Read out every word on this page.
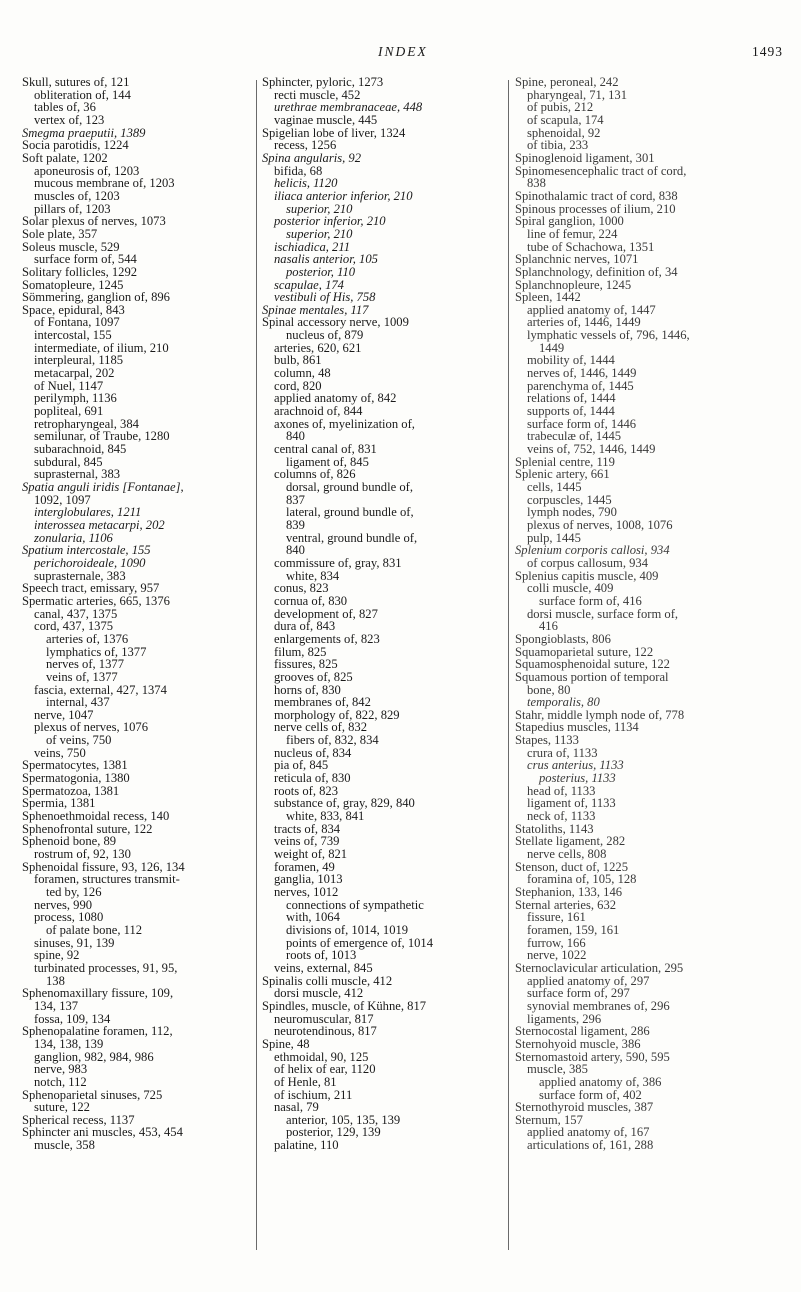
INDEX	1493
Skull, sutures of, 121
obliteration of, 144
tables of, 36
vertex of, 123
Smegma praeputii, 1389
Socia parotidis, 1224
Soft palate, 1202
aponeurosis of, 1203
mucous membrane of, 1203
muscles of, 1203
pillars of, 1203
Solar plexus of nerves, 1073
Sole plate, 357
Soleus muscle, 529
surface form of, 544
Solitary follicles, 1292
Somatopleure, 1245
Sömmering, ganglion of, 896
Space, epidural, 843
of Fontana, 1097
intercostal, 155
intermediate, of ilium, 210
interpleural, 1185
metacarpal, 202
of Nuel, 1147
perilymph, 1136
popliteal, 691
retropharyngeal, 384
semilunar, of Traube, 1280
subarachnoid, 845
subdural, 845
suprasternal, 383
Spatia anguli iridis [Fontanae],
1092, 1097
interglobulares, 1211
interossea metacarpi, 202
zonularia, 1106
Spatium intercostale, 155
perichoroideale, 1090
suprasternale, 383
Speech tract, emissary, 957
Spermatic arteries, 665, 1376
canal, 437, 1375
cord, 437, 1375
arteries of, 1376
lymphatics of, 1377
nerves of, 1377
veins of, 1377
fascia, external, 427, 1374
internal, 437
nerve, 1047
plexus of nerves, 1076
of veins, 750
veins, 750
Spermatocytes, 1381
Spermatogonia, 1380
Spermatozoa, 1381
Spermia, 1381
Sphenoethmoidal recess, 140
Sphenofrontal suture, 122
Sphenoid bone, 89
rostrum of, 92, 130
Sphenoidal fissure, 93, 126, 134
foramen, structures transmit-
ted by, 126
nerves, 990
process, 1080
of palate bone, 112
sinuses, 91, 139
spine, 92
turbinated processes, 91, 95,
138
Sphenomaxillary fissure, 109,
134, 137
fossa, 109, 134
Sphenopalatine foramen, 112,
134, 138, 139
ganglion, 982, 984, 986
nerve, 983
notch, 112
Sphenoparietal sinuses, 725
suture, 122
Spherical recess, 1137
Sphincter ani muscles, 453, 454
muscle, 358
Sphincter, pyloric, 1273
recti muscle, 452
urethrae membranaceae, 448
vaginae muscle, 445
Spigelian lobe of liver, 1324
recess, 1256
Spina angularis, 92
bifida, 68
helicis, 1120
iliaca anterior inferior, 210
superior, 210
posterior inferior, 210
superior, 210
ischiadica, 211
nasalis anterior, 105
posterior, 110
scapulae, 174
vestibuli of His, 758
Spinae mentales, 117
Spinal accessory nerve, 1009
nucleus of, 879
arteries, 620, 621
bulb, 861
column, 48
cord, 820
applied anatomy of, 842
arachnoid of, 844
axones of, myelinization of,
840
central canal of, 831
ligament of, 845
columns of, 826
dorsal, ground bundle of,
837
lateral, ground bundle of,
839
ventral, ground bundle of,
840
commissure of, gray, 831
white, 834
conus, 823
cornua of, 830
development of, 827
dura of, 843
enlargements of, 823
filum, 825
fissures, 825
grooves of, 825
horns of, 830
membranes of, 842
morphology of, 822, 829
nerve cells of, 832
fibers of, 832, 834
nucleus of, 834
pia of, 845
reticula of, 830
roots of, 823
substance of, gray, 829, 840
white, 833, 841
tracts of, 834
veins of, 739
weight of, 821
foramen, 49
ganglia, 1013
nerves, 1012
connections of sympathetic
with, 1064
divisions of, 1014, 1019
points of emergence of, 1014
roots of, 1013
veins, external, 845
Spinalis colli muscle, 412
dorsi muscle, 412
Spindles, muscle, of Kühne, 817
neuromuscular, 817
neurotendinous, 817
Spine, 48
ethmoidal, 90, 125
of helix of ear, 1120
of Henle, 81
of ischium, 211
nasal, 79
anterior, 105, 135, 139
posterior, 129, 139
palatine, 110
Spine, peroneal, 242
pharyngeal, 71, 131
of pubis, 212
of scapula, 174
sphenoidal, 92
of tibia, 233
Spinoglenoid ligament, 301
Spinomesencephalic tract of cord,
838
Spinothalamic tract of cord, 838
Spinous processes of ilium, 210
Spiral ganglion, 1000
line of femur, 224
tube of Schachowa, 1351
Splanchnic nerves, 1071
Splanchnology, definition of, 34
Splanchnopleure, 1245
Spleen, 1442
applied anatomy of, 1447
arteries of, 1446, 1449
lymphatic vessels of, 796, 1446,
1449
mobility of, 1444
nerves of, 1446, 1449
parenchyma of, 1445
relations of, 1444
supports of, 1444
surface form of, 1446
trabeculæ of, 1445
veins of, 752, 1446, 1449
Splenial centre, 119
Splenic artery, 661
cells, 1445
corpuscles, 1445
lymph nodes, 790
plexus of nerves, 1008, 1076
pulp, 1445
Splenium corporis callosi, 934
of corpus callosum, 934
Splenius capitis muscle, 409
colli muscle, 409
surface form of, 416
dorsi muscle, surface form of,
416
Spongioblasts, 806
Squamoparietal suture, 122
Squamosphenoidal suture, 122
Squamous portion of temporal
bone, 80
temporalis, 80
Stahr, middle lymph node of, 778
Stapedius muscles, 1134
Stapes, 1133
crura of, 1133
crus anterius, 1133
posterius, 1133
head of, 1133
ligament of, 1133
neck of, 1133
Statoliths, 1143
Stellate ligament, 282
nerve cells, 808
Stenson, duct of, 1225
foramina of, 105, 128
Stephanion, 133, 146
Sternal arteries, 632
fissure, 161
foramen, 159, 161
furrow, 166
nerve, 1022
Sternoclavicular articulation, 295
applied anatomy of, 297
surface form of, 297
synovial membranes of, 296
ligaments, 296
Sternocostal ligament, 286
Sternohyoid muscle, 386
Sternomastoid artery, 590, 595
muscle, 385
applied anatomy of, 386
surface form of, 402
Sternothyroid muscles, 387
Sternum, 157
applied anatomy of, 167
articulations of, 161, 288
